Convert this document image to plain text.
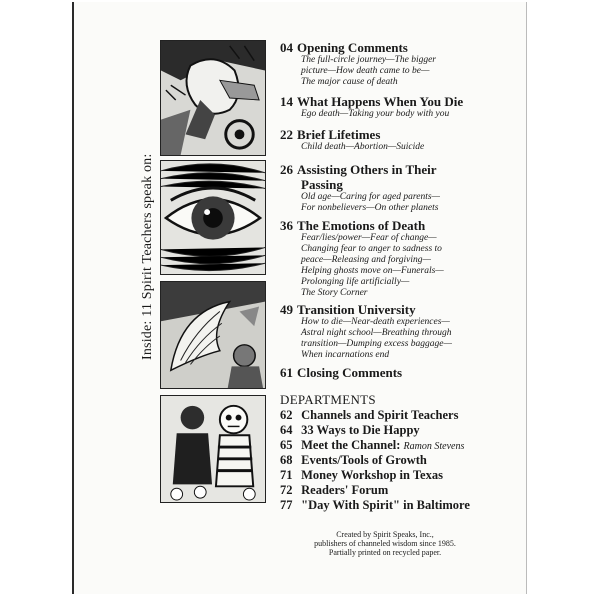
Inside: 11 Spirit Teachers speak on:
04 Opening Comments
The full-circle journey—The bigger
picture—How death came to be—
The major cause of death
14 What Happens When You Die
Ego death—Taking your body with you
22 Brief Lifetimes
Child death—Abortion—Suicide
26 Assisting Others in Their
Passing
Old age—Caring for aged parents—
For nonbelievers—On other planets
36 The Emotions of Death
Fear/lies/power—Fear of change—
Changing fear to anger to sadness to
peace—Releasing and forgiving—
Helping ghosts move on—Funerals—
Prolonging life artificially—
The Story Corner
49 Transition University
How to die—Near-death experiences—
Astral night school—Breathing through
transition—Dumping excess baggage—
When incarnations end
61 Closing Comments
DEPARTMENTS
62 Channels and Spirit Teachers
64 33 Ways to Die Happy
65 Meet the Channel: Ramon Stevens
68 Events/Tools of Growth
71 Money Workshop in Texas
72 Readers' Forum
77 "Day With Spirit" in Baltimore
Created by Spirit Speaks, Inc.,
publishers of channeled wisdom since 1985.
Partially printed on recycled paper.
